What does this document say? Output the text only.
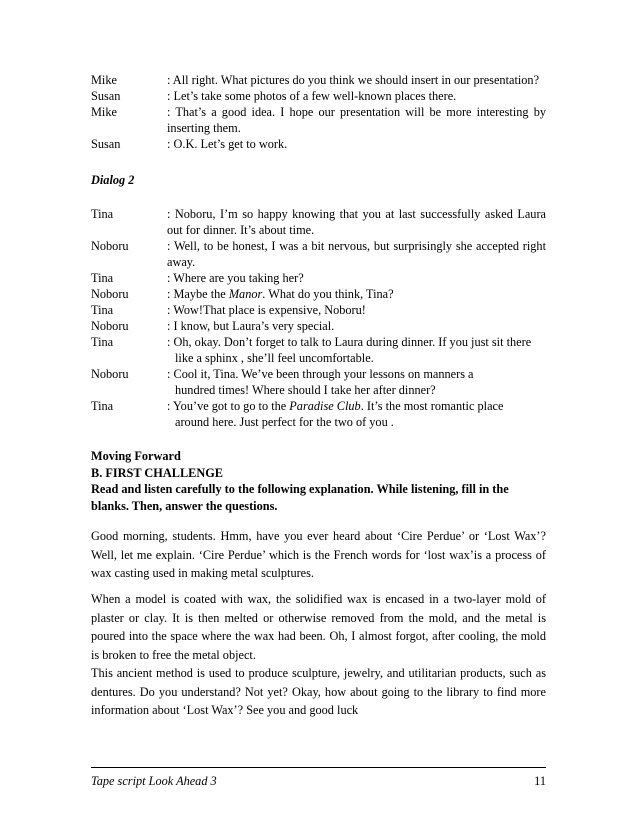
Mike	: All right. What pictures do you think we should insert in our presentation?
Susan	: Let’s take some photos of a few well-known places there.
Mike	: That’s a good idea. I hope our presentation will be more interesting by inserting them.
Susan	: O.K. Let’s get to work.
Dialog 2
Tina	: Noboru, I’m so happy knowing that you at last successfully asked Laura out for dinner. It’s about time.
Noboru	: Well, to be honest, I was a bit nervous, but surprisingly she accepted right away.
Tina	: Where are you taking her?
Noboru	: Maybe the Manor. What do you think, Tina?
Tina	: Wow!That place is expensive, Noboru!
Noboru	: I know, but Laura’s very special.
Tina	: Oh, okay. Don’t forget to talk to Laura during dinner. If you just sit there
like a sphinx , she’ll feel uncomfortable.
Noboru	: Cool it, Tina. We’ve been through your lessons on manners a
hundred times! Where should I take her after dinner?
Tina	: You’ve got to go to the Paradise Club. It’s the most romantic place
around here. Just perfect for the two of you .
Moving Forward
B. FIRST CHALLENGE
Read and listen carefully to the following explanation. While listening, fill in the blanks. Then, answer the questions.
Good morning, students. Hmm, have you ever heard about ‘Cire Perdue’ or ‘Lost Wax’? Well, let me explain. ‘Cire Perdue’ which is the French words for ‘lost wax’is a process of wax casting used in making metal sculptures.
When a model is coated with wax, the solidified wax is encased in a two-layer mold of plaster or clay. It is then melted or otherwise removed from the mold, and the metal is poured into the space where the wax had been. Oh, I almost forgot, after cooling, the mold is broken to free the metal object.
This ancient method is used to produce sculpture, jewelry, and utilitarian products, such as dentures. Do you understand? Not yet? Okay, how about going to the library to find more information about ‘Lost Wax’? See you and good luck
Tape script Look Ahead 3	11
